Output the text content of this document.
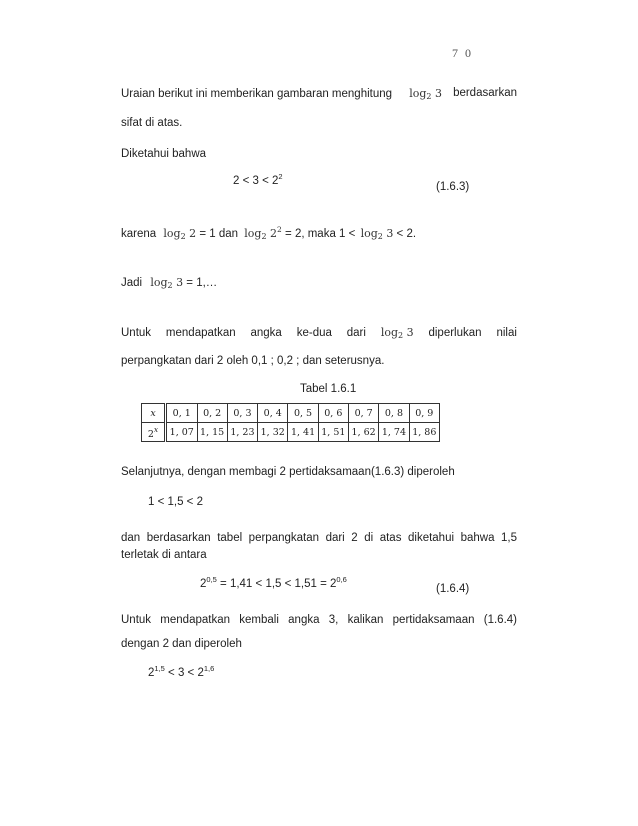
7 0
Uraian berikut ini memberikan gambaran menghitung $\log_2 3$ berdasarkan
sifat di atas.
Diketahui bahwa
$2 < 3 < 2^2$
(1.6.3)
karena $\log_2 2 = 1$ dan $\log_2 2^2 = 2$, maka $1 < \log_2 3 < 2$.
Jadi $\log_2 3$ = 1,…
Untuk mendapatkan angka ke-dua dari $\log_2 3$ diperlukan nilai
perpangkatan dari 2 oleh 0,1 ; 0,2 ; dan seterusnya.
Tabel 1.6.1
x	0, 1	0, 2	0, 3	0, 4	0, 5	0, 6	0, 7	0, 8	0, 9
2$^x$	1, 07	1, 15	1, 23	1, 32	1, 41	1, 51	1, 62	1, 74	1, 86
Selanjutnya, dengan membagi 2 pertidaksamaan(1.6.3) diperoleh
1 < 1,5 < 2
dan berdasarkan tabel perpangkatan dari 2 di atas diketahui bahwa 1,5
terletak di antara
$2^{0,5} = 1,41 < 1,5 < 1,51 = 2^{0,6}$
(1.6.4)
Untuk mendapatkan kembali angka 3, kalikan pertidaksamaan (1.6.4)
dengan 2 dan diperoleh
$2^{1,5} < 3 < 2^{1,6}$
